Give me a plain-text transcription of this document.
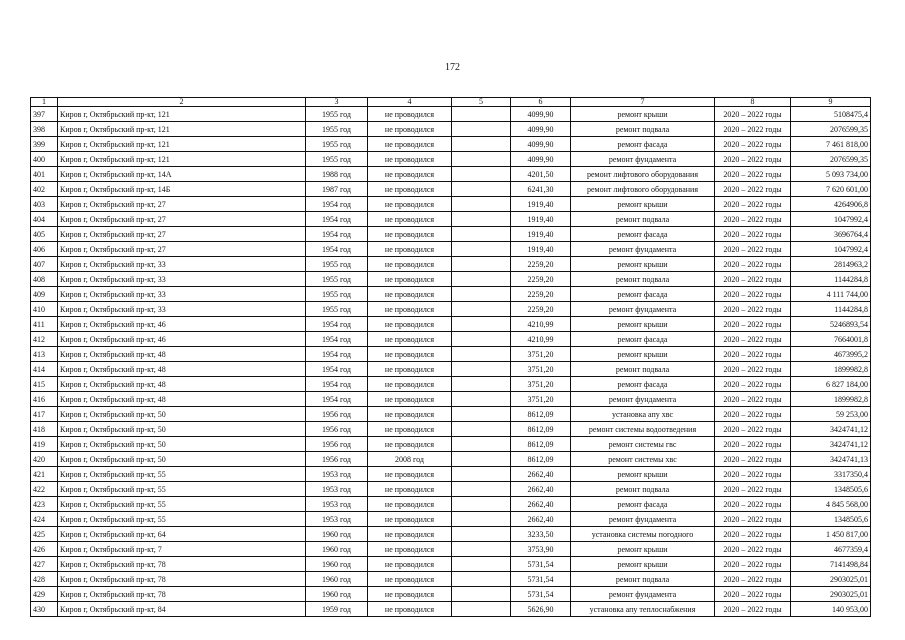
172
1	2	3	4	5	6	7	8	9
397	Киров г, Октябрьский пр-кт, 121	1955 год	не проводился		4099,90	ремонт крыши	2020 – 2022 годы	5108475,4
398	Киров г, Октябрьский пр-кт, 121	1955 год	не проводился		4099,90	ремонт подвала	2020 – 2022 годы	2076599,35
399	Киров г, Октябрьский пр-кт, 121	1955 год	не проводился		4099,90	ремонт фасада	2020 – 2022 годы	7 461 818,00
400	Киров г, Октябрьский пр-кт, 121	1955 год	не проводился		4099,90	ремонт фундамента	2020 – 2022 годы	2076599,35
401	Киров г, Октябрьский пр-кт, 14А	1988 год	не проводился		4201,50	ремонт лифтового оборудования	2020 – 2022 годы	5 093 734,00
402	Киров г, Октябрьский пр-кт, 14Б	1987 год	не проводился		6241,30	ремонт лифтового оборудования	2020 – 2022 годы	7 620 601,00
403	Киров г, Октябрьский пр-кт, 27	1954 год	не проводился		1919,40	ремонт крыши	2020 – 2022 годы	4264906,8
404	Киров г, Октябрьский пр-кт, 27	1954 год	не проводился		1919,40	ремонт подвала	2020 – 2022 годы	1047992,4
405	Киров г, Октябрьский пр-кт, 27	1954 год	не проводился		1919,40	ремонт фасада	2020 – 2022 годы	3696764,4
406	Киров г, Октябрьский пр-кт, 27	1954 год	не проводился		1919,40	ремонт фундамента	2020 – 2022 годы	1047992,4
407	Киров г, Октябрьский пр-кт, 33	1955 год	не проводился		2259,20	ремонт крыши	2020 – 2022 годы	2814963,2
408	Киров г, Октябрьский пр-кт, 33	1955 год	не проводился		2259,20	ремонт подвала	2020 – 2022 годы	1144284,8
409	Киров г, Октябрьский пр-кт, 33	1955 год	не проводился		2259,20	ремонт фасада	2020 – 2022 годы	4 111 744,00
410	Киров г, Октябрьский пр-кт, 33	1955 год	не проводился		2259,20	ремонт фундамента	2020 – 2022 годы	1144284,8
411	Киров г, Октябрьский пр-кт, 46	1954 год	не проводился		4210,99	ремонт крыши	2020 – 2022 годы	5246893,54
412	Киров г, Октябрьский пр-кт, 46	1954 год	не проводился		4210,99	ремонт фасада	2020 – 2022 годы	7664001,8
413	Киров г, Октябрьский пр-кт, 48	1954 год	не проводился		3751,20	ремонт крыши	2020 – 2022 годы	4673995,2
414	Киров г, Октябрьский пр-кт, 48	1954 год	не проводился		3751,20	ремонт подвала	2020 – 2022 годы	1899982,8
415	Киров г, Октябрьский пр-кт, 48	1954 год	не проводился		3751,20	ремонт фасада	2020 – 2022 годы	6 827 184,00
416	Киров г, Октябрьский пр-кт, 48	1954 год	не проводился		3751,20	ремонт фундамента	2020 – 2022 годы	1899982,8
417	Киров г, Октябрьский пр-кт, 50	1956 год	не проводился		8612,09	установка апу хвс	2020 – 2022 годы	59 253,00
418	Киров г, Октябрьский пр-кт, 50	1956 год	не проводился		8612,09	ремонт системы водоотведения	2020 – 2022 годы	3424741,12
419	Киров г, Октябрьский пр-кт, 50	1956 год	не проводился		8612,09	ремонт системы гвс	2020 – 2022 годы	3424741,12
420	Киров г, Октябрьский пр-кт, 50	1956 год	2008 год		8612,09	ремонт системы хвс	2020 – 2022 годы	3424741,13
421	Киров г, Октябрьский пр-кт, 55	1953 год	не проводился		2662,40	ремонт крыши	2020 – 2022 годы	3317350,4
422	Киров г, Октябрьский пр-кт, 55	1953 год	не проводился		2662,40	ремонт подвала	2020 – 2022 годы	1348505,6
423	Киров г, Октябрьский пр-кт, 55	1953 год	не проводился		2662,40	ремонт фасада	2020 – 2022 годы	4 845 568,00
424	Киров г, Октябрьский пр-кт, 55	1953 год	не проводился		2662,40	ремонт фундамента	2020 – 2022 годы	1348505,6
425	Киров г, Октябрьский пр-кт, 64	1960 год	не проводился		3233,50	установка системы погодного	2020 – 2022 годы	1 450 817,00
426	Киров г, Октябрьский пр-кт, 7	1960 год	не проводился		3753,90	ремонт крыши	2020 – 2022 годы	4677359,4
427	Киров г, Октябрьский пр-кт, 78	1960 год	не проводился		5731,54	ремонт крыши	2020 – 2022 годы	7141498,84
428	Киров г, Октябрьский пр-кт, 78	1960 год	не проводился		5731,54	ремонт подвала	2020 – 2022 годы	2903025,01
429	Киров г, Октябрьский пр-кт, 78	1960 год	не проводился		5731,54	ремонт фундамента	2020 – 2022 годы	2903025,01
430	Киров г, Октябрьский пр-кт, 84	1959 год	не проводился		5626,90	установка апу теплоснабжения	2020 – 2022 годы	140 953,00
